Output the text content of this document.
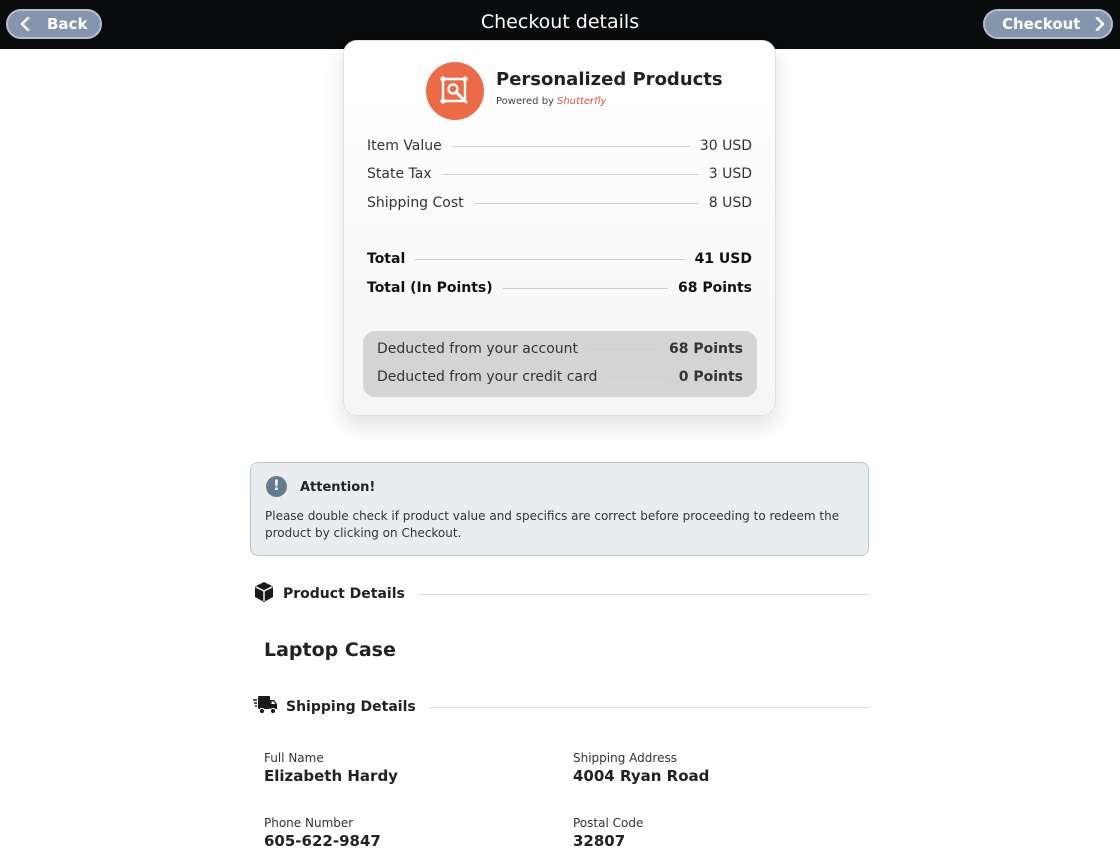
Back	Checkout details	Checkout
Personalized Products
Powered by Shutterfly
Item Value	30 USD
State Tax	3 USD
Shipping Cost	8 USD
Total	41 USD
Total (In Points)	68 Points
Deducted from your account	68 Points
Deducted from your credit card	0 Points
!	Attention!
Please double check if product value and specifics are correct before proceeding to redeem the product by clicking on Checkout.
Product Details
Laptop Case
Shipping Details
Full Name
Elizabeth Hardy
Shipping Address
4004 Ryan Road
Phone Number
605-622-9847
Postal Code
32807
